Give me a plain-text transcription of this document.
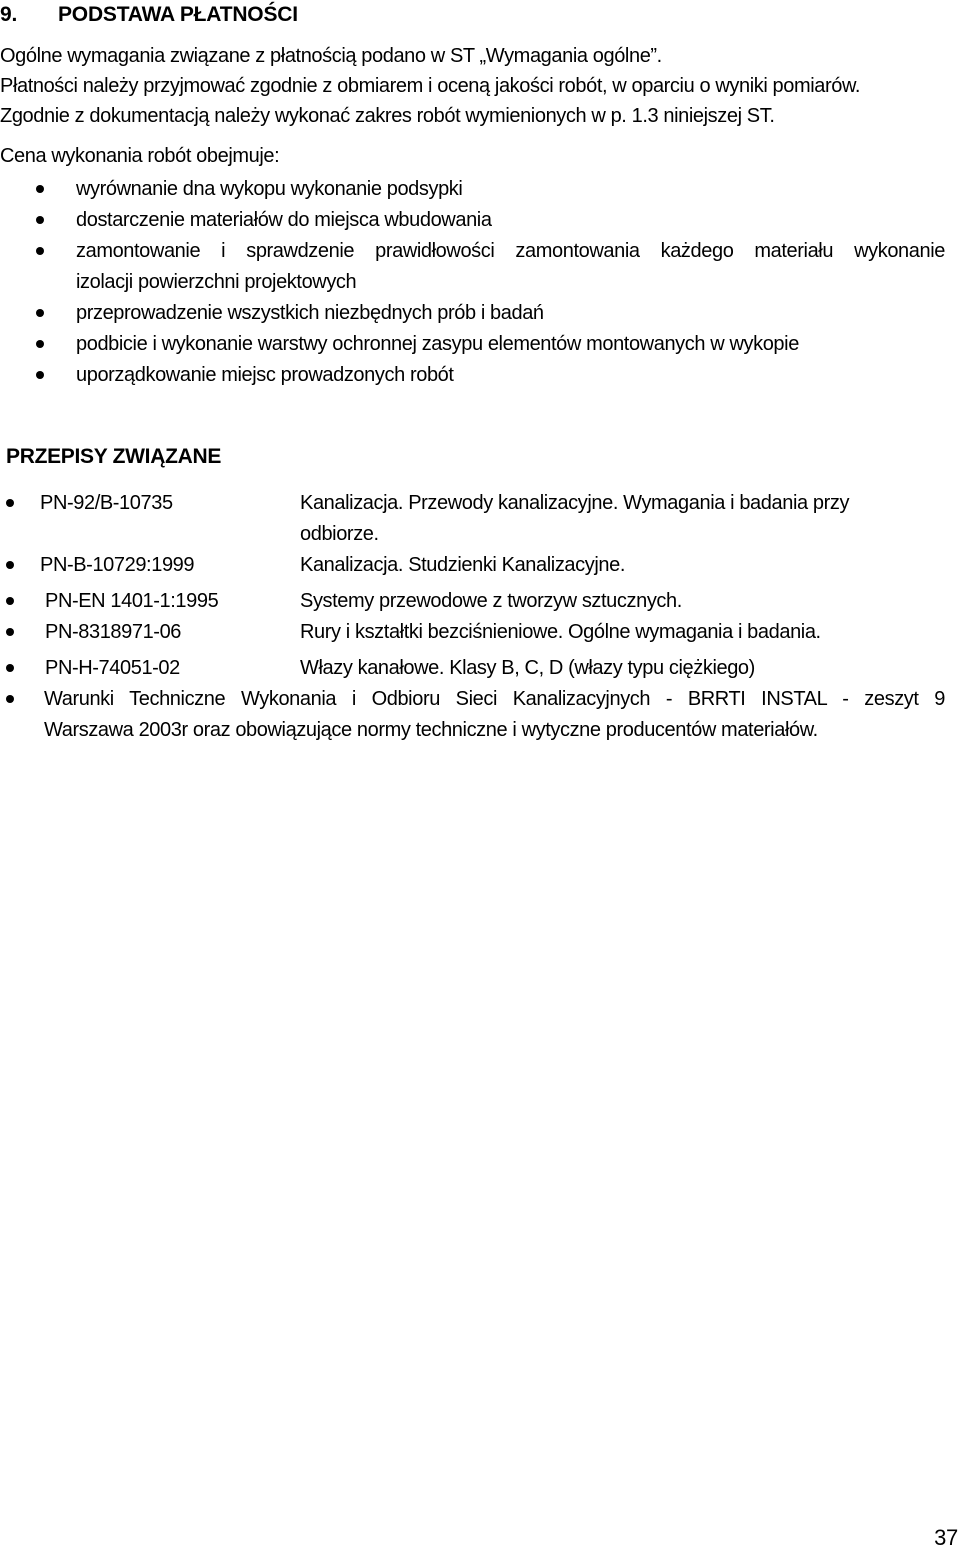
9. PODSTAWA PŁATNOŚCI

Ogólne wymagania związane z płatnością podano w ST „Wymagania ogólne”.

Płatności należy przyjmować zgodnie z obmiarem i oceną jakości robót, w oparciu o wyniki pomiarów.

Zgodnie z dokumentacją należy wykonać zakres robót wymienionych w p. 1.3 niniejszej ST.

Cena wykonania robót obejmuje:
wyrównanie dna wykopu wykonanie podsypki
dostarczenie materiałów do miejsca wbudowania
zamontowanie i sprawdzenie prawidłowości zamontowania każdego materiału wykonanie
izolacji powierzchni projektowych
przeprowadzenie wszystkich niezbędnych prób i badań
podbicie i wykonanie warstwy ochronnej zasypu elementów montowanych w wykopie
uporządkowanie miejsc prowadzonych robót
PRZEPISY ZWIĄZANE
PN-92/B-10735	Kanalizacja. Przewody kanalizacyjne. Wymagania i badania przy odbiorze.
PN-B-10729:1999	Kanalizacja. Studzienki Kanalizacyjne.
PN-EN 1401-1:1995	Systemy przewodowe z tworzyw sztucznych.
PN-8318971-06	Rury i kształtki bezciśnieniowe. Ogólne wymagania i badania.
PN-H-74051-02	Włazy kanałowe. Klasy B, C, D (włazy typu ciężkiego)
Warunki Techniczne Wykonania i Odbioru Sieci Kanalizacyjnych - BRRTI INSTAL - zeszyt 9
Warszawa 2003r oraz obowiązujące normy techniczne i wytyczne producentów materiałów.
37
